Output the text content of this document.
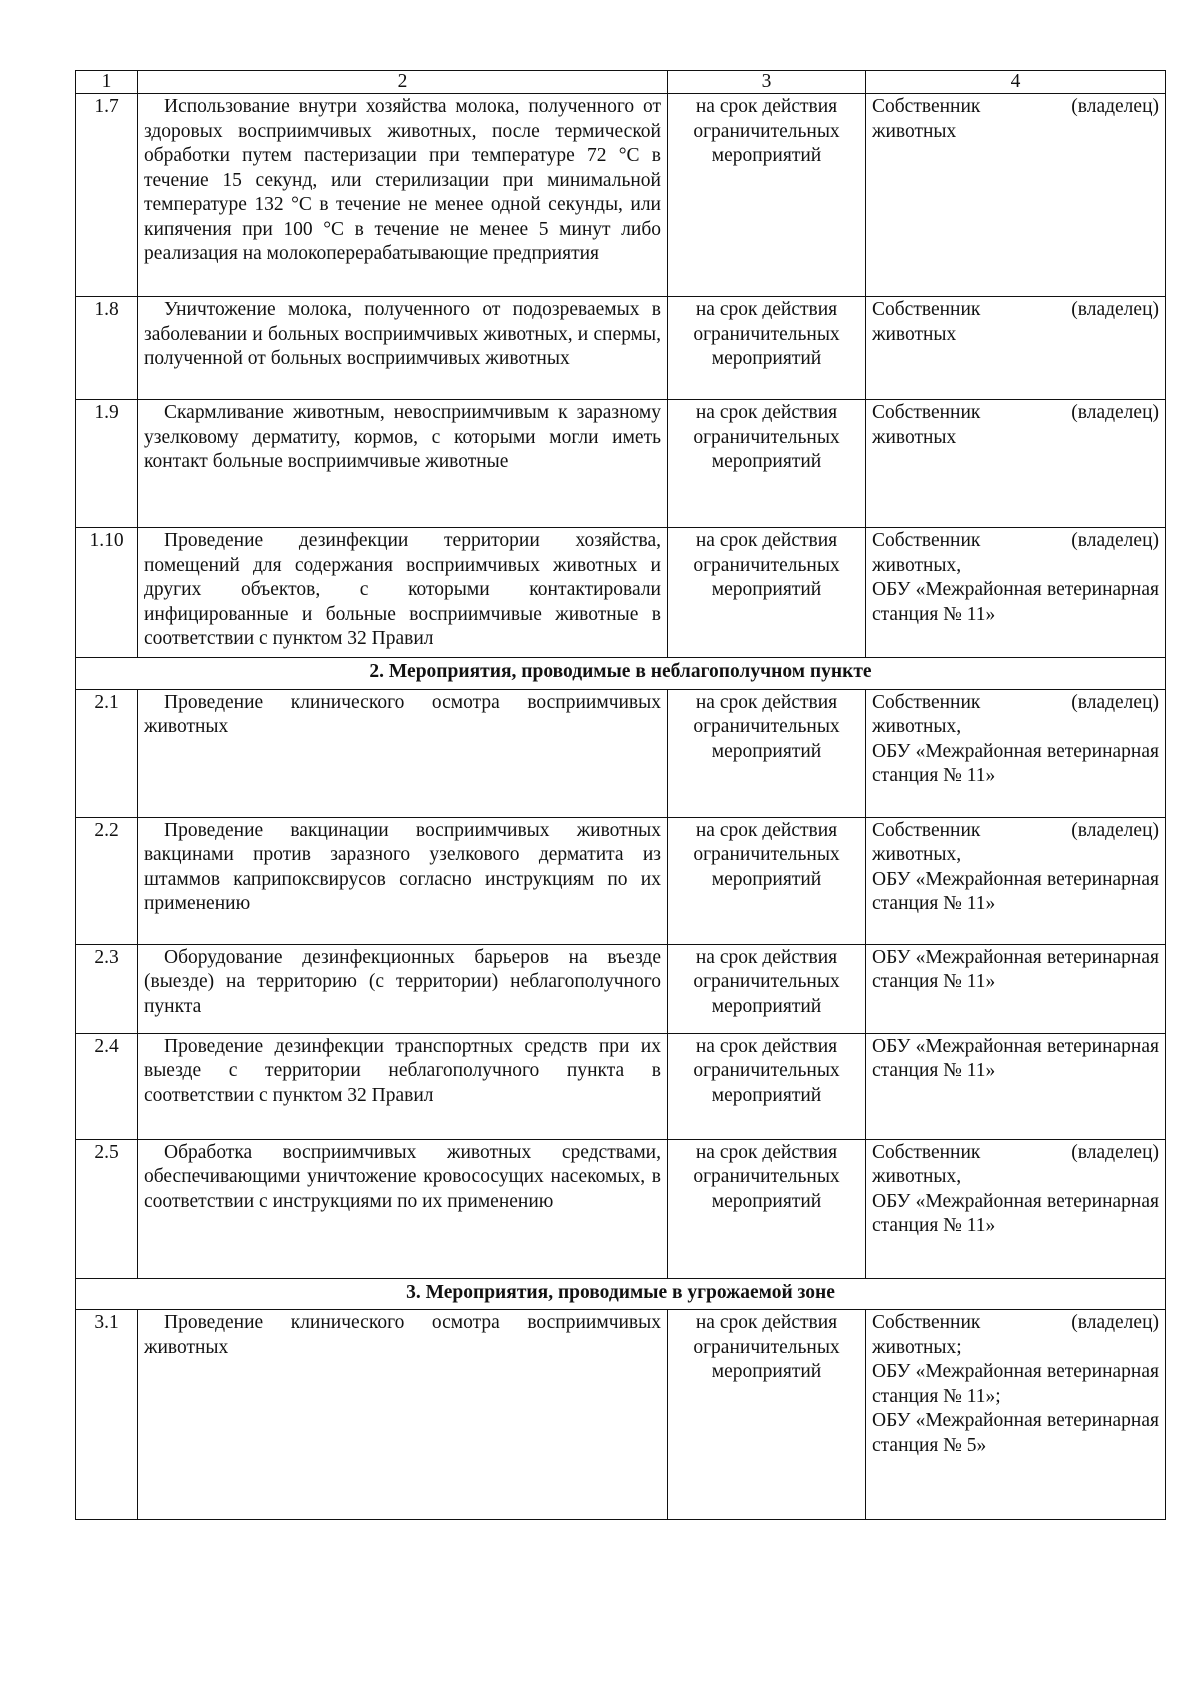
1	2	3	4
1.7	Использование внутри хозяйства молока, полученного от здоровых восприимчивых животных, после термической обработки путем пастеризации при температуре 72 °C в течение 15 секунд, или стерилизации при минимальной температуре 132 °C в течение не менее одной секунды, или кипячения при 100 °C в течение не менее 5 минут либо реализация на молокоперерабатывающие предприятия	на срок действия ограничительных мероприятий	Собственник (владелец) животных

1.8	Уничтожение молока, полученного от подозреваемых в заболевании и больных восприимчивых животных, и спермы, полученной от больных восприимчивых животных	на срок действия ограничительных мероприятий	Собственник (владелец) животных

1.9	Скармливание животным, невосприимчивым к заразному узелковому дерматиту, кормов, с которыми могли иметь контакт больные восприимчивые животные	на срок действия ограничительных мероприятий	Собственник (владелец) животных

1.10	Проведение дезинфекции территории хозяйства, помещений для содержания восприимчивых животных и других объектов, с которыми контактировали инфицированные и больные восприимчивые животные в соответствии с пунктом 32 Правил	на срок действия ограничительных мероприятий	Собственник (владелец) животных,
ОБУ «Межрайонная ветеринарная станция № 11»

2. Мероприятия, проводимые в неблагополучном пункте			
2.1	Проведение клинического осмотра восприимчивых животных	на срок действия ограничительных мероприятий	Собственник (владелец) животных,
ОБУ «Межрайонная ветеринарная станция № 11»

2.2	Проведение вакцинации восприимчивых животных вакцинами против заразного узелкового дерматита из штаммов каприпоксвирусов согласно инструкциям по их применению	на срок действия ограничительных мероприятий	Собственник (владелец) животных,
ОБУ «Межрайонная ветеринарная станция № 11»

2.3	Оборудование дезинфекционных барьеров на въезде (выезде) на территорию (с территории) неблагополучного пункта	на срок действия ограничительных мероприятий	ОБУ «Межрайонная ветеринарная станция № 11»

2.4	Проведение дезинфекции транспортных средств при их выезде с территории неблагополучного пункта в соответствии с пунктом 32 Правил	на срок действия ограничительных мероприятий	ОБУ «Межрайонная ветеринарная станция № 11»

2.5	Обработка восприимчивых животных средствами, обеспечивающими уничтожение кровососущих насекомых, в соответствии с инструкциями по их применению	на срок действия ограничительных мероприятий	Собственник (владелец) животных,
ОБУ «Межрайонная ветеринарная станция № 11»

3. Мероприятия, проводимые в угрожаемой зоне			
3.1	Проведение клинического осмотра восприимчивых животных	на срок действия ограничительных мероприятий	Собственник (владелец) животных;
ОБУ «Межрайонная ветеринарная станция № 11»;
ОБУ «Межрайонная ветеринарная станция № 5»
